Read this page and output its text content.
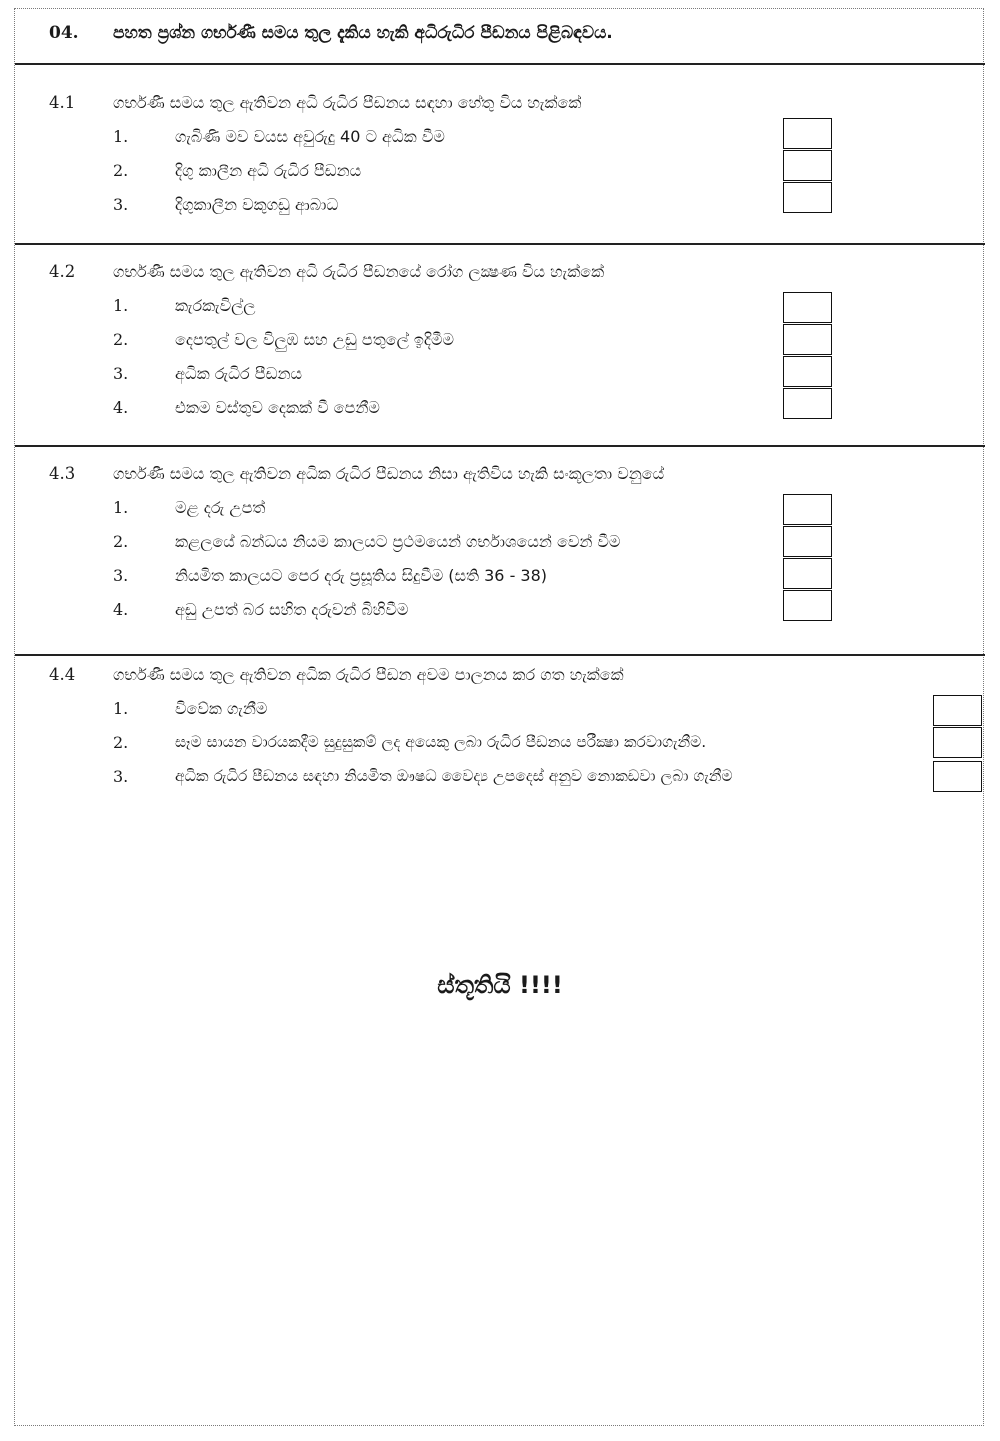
04. පහත ප්‍රශ්න ගර්භණී සමය තුල දැකිය හැකි අධිරුධිර පීඩනය පිළිබඳවය.
4.1 ගර්භණී සමය තුල ඇතිවන අධි රුධිර පීඩනය සඳහා හේතු විය හැක්කේ
1.	ගැබිණි මව වයස අවුරුදු 40 ට අධික වීම
2.	දිගු කාලීන අධි රුධිර පීඩනය
3.	දිගුකාලීන වකුගඩු ආබාධ
4.2 ගර්භණී සමය තුල ඇතිවන අධි රුධිර පීඩනයේ රෝග ලක්‍ෂණ විය හැක්කේ
1.	කැරකැවිල්ල
2.	දෙපතුල් වල විලුඹ සහ උඩු පතුලේ ඉදිමීම
3.	අධික රුධිර පීඩනය
4.	එකම වස්තුව දෙකක් වී පෙනීම
4.3 ගර්භණී සමය තුල ඇතිවන අධික රුධිර පීඩනය නිසා ඇතිවිය හැකි සංකූලතා වනුයේ
1.	මළ දරු උපත්
2.	කළලයේ බන්ධය නියම කාලයට ප්‍රථමයෙන් ගර්භාශයෙන් වෙන් වීම
3.	නියමිත කාලයට පෙර දරු ප්‍රසූතිය සිදුවීම (සති 36 - 38)
4.	අඩු උපත් බර සහිත දරුවන් බිහිවීම
4.4 ගර්භණී සමය තුල ඇතිවන අධික රුධිර පීඩන අවම පාලනය කර ගත හැක්කේ
1.	විවේක ගැනීම
2.	සෑම සායන වාරයකදීම සුදුසුකම් ලද අයෙකු ලබා රුධිර පීඩනය පරීක්‍ෂා කරවාගැනීම.
3.	අධික රුධිර පීඩනය සඳහා නියමිත ඖෂධ වෛද්‍ය උපදෙස් අනුව නොකඩවා ලබා ගැනීම
ස්තූතියි !!!!
